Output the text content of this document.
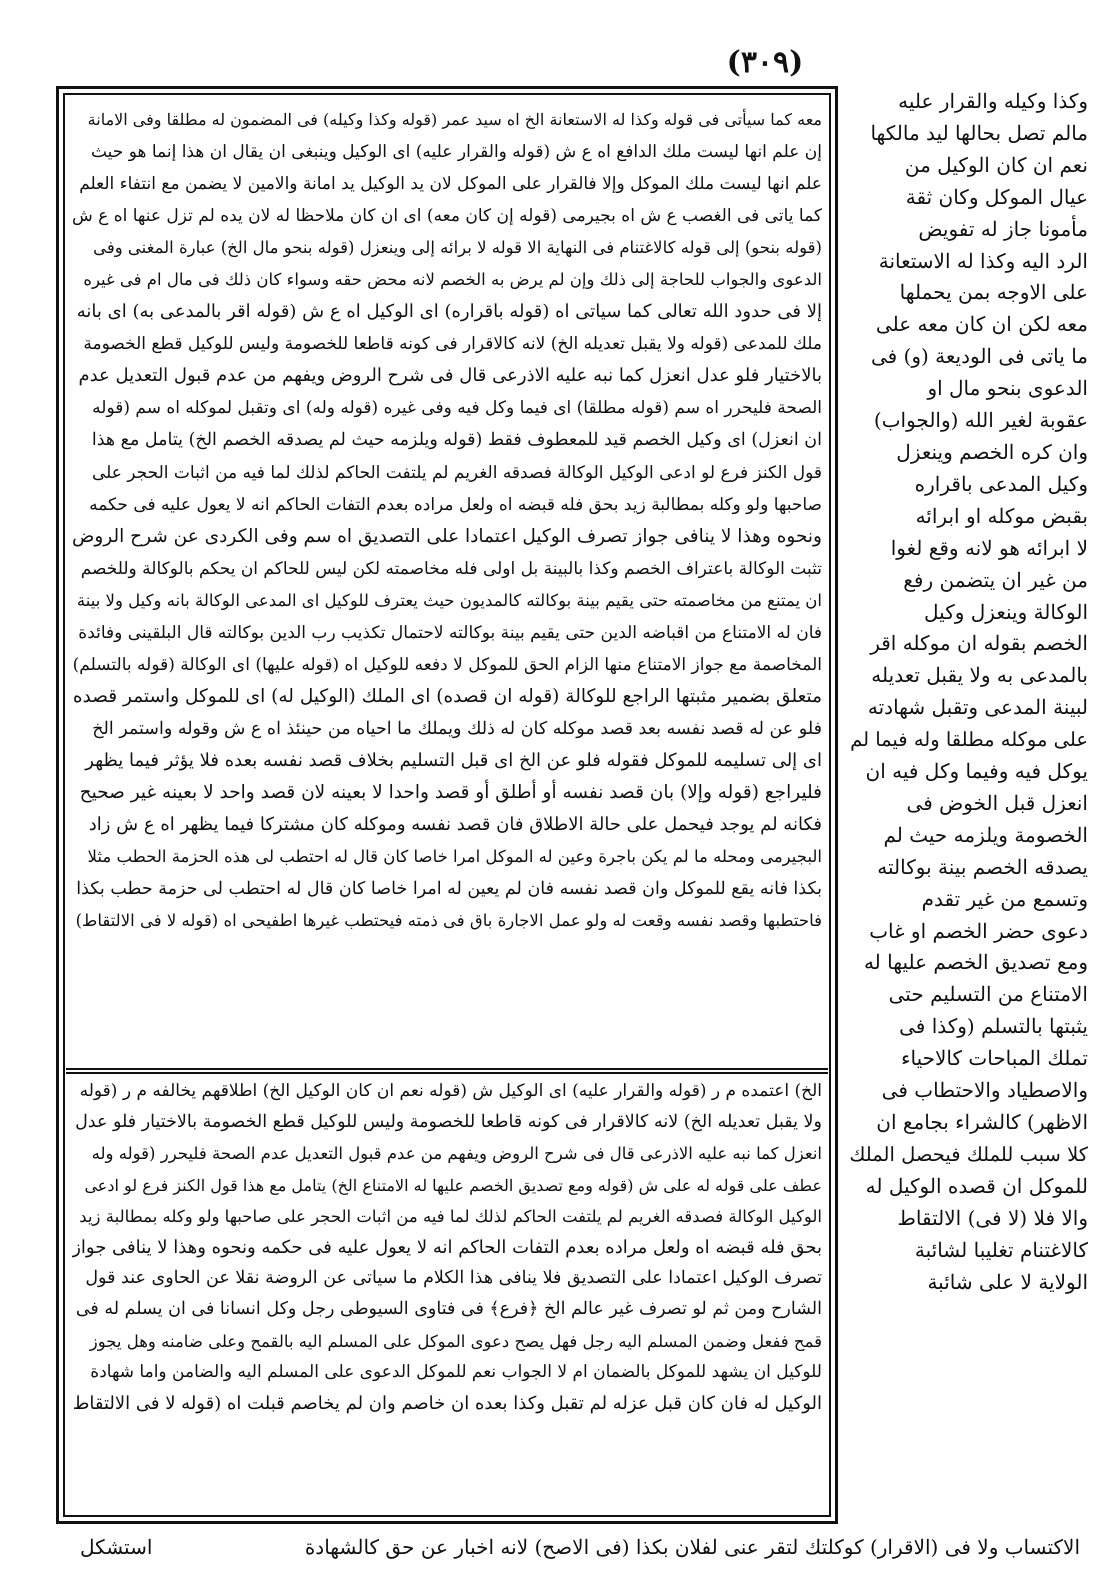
(۳۰۹)
معه كما سيأتى فى قوله وكذا له الاستعانة الخ اه سيد عمر (قوله وكذا وكيله) فى المضمون له مطلقا وفى الامانة
إن علم انها ليست ملك الدافع اه ع ش (قوله والقرار عليه) اى الوكيل وينبغى ان يقال ان هذا إنما هو حيث
علم انها ليست ملك الموكل وإلا فالقرار على الموكل لان يد الوكيل يد امانة والامين لا يضمن مع انتفاء العلم
كما ياتى فى الغصب ع ش اه بجيرمى (قوله إن كان معه) اى ان كان ملاحظا له لان يده لم تزل عنها اه ع ش
(قوله بنحو) إلى قوله كالاغتنام فى النهاية الا قوله لا برائه إلى وينعزل (قوله بنحو مال الخ) عبارة المغنى وفى
الدعوى والجواب للحاجة إلى ذلك وإن لم يرض به الخصم لانه محض حقه وسواء كان ذلك فى مال ام فى غيره
إلا فى حدود الله تعالى كما سياتى اه (قوله باقراره) اى الوكيل اه ع ش (قوله اقر بالمدعى به) اى بانه
ملك للمدعى (قوله ولا يقبل تعديله الخ) لانه كالاقرار فى كونه قاطعا للخصومة وليس للوكيل قطع الخصومة
بالاختيار فلو عدل انعزل كما نبه عليه الاذرعى قال فى شرح الروض ويفهم من عدم قبول التعديل عدم
الصحة فليحرر اه سم (قوله مطلقا) اى فيما وكل فيه وفى غيره (قوله وله) اى وتقبل لموكله اه سم (قوله
ان انعزل) اى وكيل الخصم قيد للمعطوف فقط (قوله ويلزمه حيث لم يصدقه الخصم الخ) يتامل مع هذا
قول الكنز فرع لو ادعى الوكيل الوكالة فصدقه الغريم لم يلتفت الحاكم لذلك لما فيه من اثبات الحجر على
صاحبها ولو وكله بمطالبة زيد بحق فله قبضه اه ولعل مراده بعدم التفات الحاكم انه لا يعول عليه فى حكمه
ونحوه وهذا لا ينافى جواز تصرف الوكيل اعتمادا على التصديق اه سم وفى الكردى عن شرح الروض
تثبت الوكالة باعتراف الخصم وكذا بالبينة بل اولى فله مخاصمته لكن ليس للحاكم ان يحكم بالوكالة وللخصم
ان يمتنع من مخاصمته حتى يقيم بينة بوكالته كالمديون حيث يعترف للوكيل اى المدعى الوكالة بانه وكيل ولا بينة
فان له الامتناع من اقباضه الدين حتى يقيم بينة بوكالته لاحتمال تكذيب رب الدين بوكالته قال البلقينى وفائدة
المخاصمة مع جواز الامتناع منها الزام الحق للموكل لا دفعه للوكيل اه (قوله عليها) اى الوكالة (قوله بالتسلم)
متعلق بضمير مثبتها الراجع للوكالة (قوله ان قصده) اى الملك (الوكيل له) اى للموكل واستمر قصده
فلو عن له قصد نفسه بعد قصد موكله كان له ذلك ويملك ما احياه من حينئذ اه ع ش وقوله واستمر الخ
اى إلى تسليمه للموكل فقوله فلو عن الخ اى قبل التسليم بخلاف قصد نفسه بعده فلا يؤثر فيما يظهر
فليراجع (قوله وإلا) بان قصد نفسه أو أطلق أو قصد واحدا لا بعينه لان قصد واحد لا بعينه غير صحيح
فكانه لم يوجد فيحمل على حالة الاطلاق فان قصد نفسه وموكله كان مشتركا فيما يظهر اه ع ش زاد
البجيرمى ومحله ما لم يكن باجرة وعين له الموكل امرا خاصا كان قال له احتطب لى هذه الحزمة الحطب مثلا
بكذا فانه يقع للموكل وان قصد نفسه فان لم يعين له امرا خاصا كان قال له احتطب لى حزمة حطب بكذا
فاحتطبها وقصد نفسه وقعت له ولو عمل الاجارة باق فى ذمته فيحتطب غيرها اطفيحى اه (قوله لا فى الالتقاط)
الخ) اعتمده م ر (قوله والقرار عليه) اى الوكيل ش (قوله نعم ان كان الوكيل الخ) اطلاقهم يخالفه م ر (قوله
ولا يقبل تعديله الخ) لانه كالاقرار فى كونه قاطعا للخصومة وليس للوكيل قطع الخصومة بالاختيار فلو عدل
انعزل كما نبه عليه الاذرعى قال فى شرح الروض ويفهم من عدم قبول التعديل عدم الصحة فليحرر (قوله وله
عطف على قوله له على ش (قوله ومع تصديق الخصم عليها له الامتناع الخ) يتامل مع هذا قول الكنز فرع لو ادعى
الوكيل الوكالة فصدقه الغريم لم يلتفت الحاكم لذلك لما فيه من اثبات الحجر على صاحبها ولو وكله بمطالبة زيد
بحق فله قبضه اه ولعل مراده بعدم التفات الحاكم انه لا يعول عليه فى حكمه ونحوه وهذا لا ينافى جواز
تصرف الوكيل اعتمادا على التصديق فلا ينافى هذا الكلام ما سياتى عن الروضة نقلا عن الحاوى عند قول
الشارح ومن ثم لو تصرف غير عالم الخ ﴿فرع﴾ فى فتاوى السيوطى رجل وكل انسانا فى ان يسلم له فى
قمح ففعل وضمن المسلم اليه رجل فهل يصح دعوى الموكل على المسلم اليه بالقمح وعلى ضامنه وهل يجوز
للوكيل ان يشهد للموكل بالضمان ام لا الجواب نعم للموكل الدعوى على المسلم اليه والضامن واما شهادة
الوكيل له فان كان قبل عزله لم تقبل وكذا بعده ان خاصم وان لم يخاصم قبلت اه (قوله لا فى الالتقاط
وكذا وكيله والقرار عليه
مالم تصل بحالها ليد مالكها
نعم ان كان الوكيل من
عيال الموكل وكان ثقة
مأمونا جاز له تفويض
الرد اليه وكذا له الاستعانة
على الاوجه بمن يحملها
معه لكن ان كان معه على
ما ياتى فى الوديعة (و) فى
الدعوى بنحو مال او
عقوبة لغير الله (والجواب)
وان كره الخصم وينعزل
وكيل المدعى باقراره
بقبض موكله او ابرائه
لا ابرائه هو لانه وقع لغوا
من غير ان يتضمن رفع
الوكالة وينعزل وكيل
الخصم بقوله ان موكله اقر
بالمدعى به ولا يقبل تعديله
لبينة المدعى وتقبل شهادته
على موكله مطلقا وله فيما لم
يوكل فيه وفيما وكل فيه ان
انعزل قبل الخوض فى
الخصومة ويلزمه حيث لم
يصدقه الخصم بينة بوكالته
وتسمع من غير تقدم
دعوى حضر الخصم او غاب
ومع تصديق الخصم عليها له
الامتناع من التسليم حتى
يثبتها بالتسلم (وكذا فى
تملك المباحات كالاحياء
والاصطياد والاحتطاب فى
الاظهر) كالشراء بجامع ان
كلا سبب للملك فيحصل الملك
للموكل ان قصده الوكيل له
والا فلا (لا فى) الالتقاط
كالاغتنام تغليبا لشائبة
الولاية لا على شائبة
الاكتساب ولا فى (الاقرار) كوكلتك لتقر عنى لفلان بكذا (فى الاصح) لانه اخبار عن حق كالشهادة
استشكل
